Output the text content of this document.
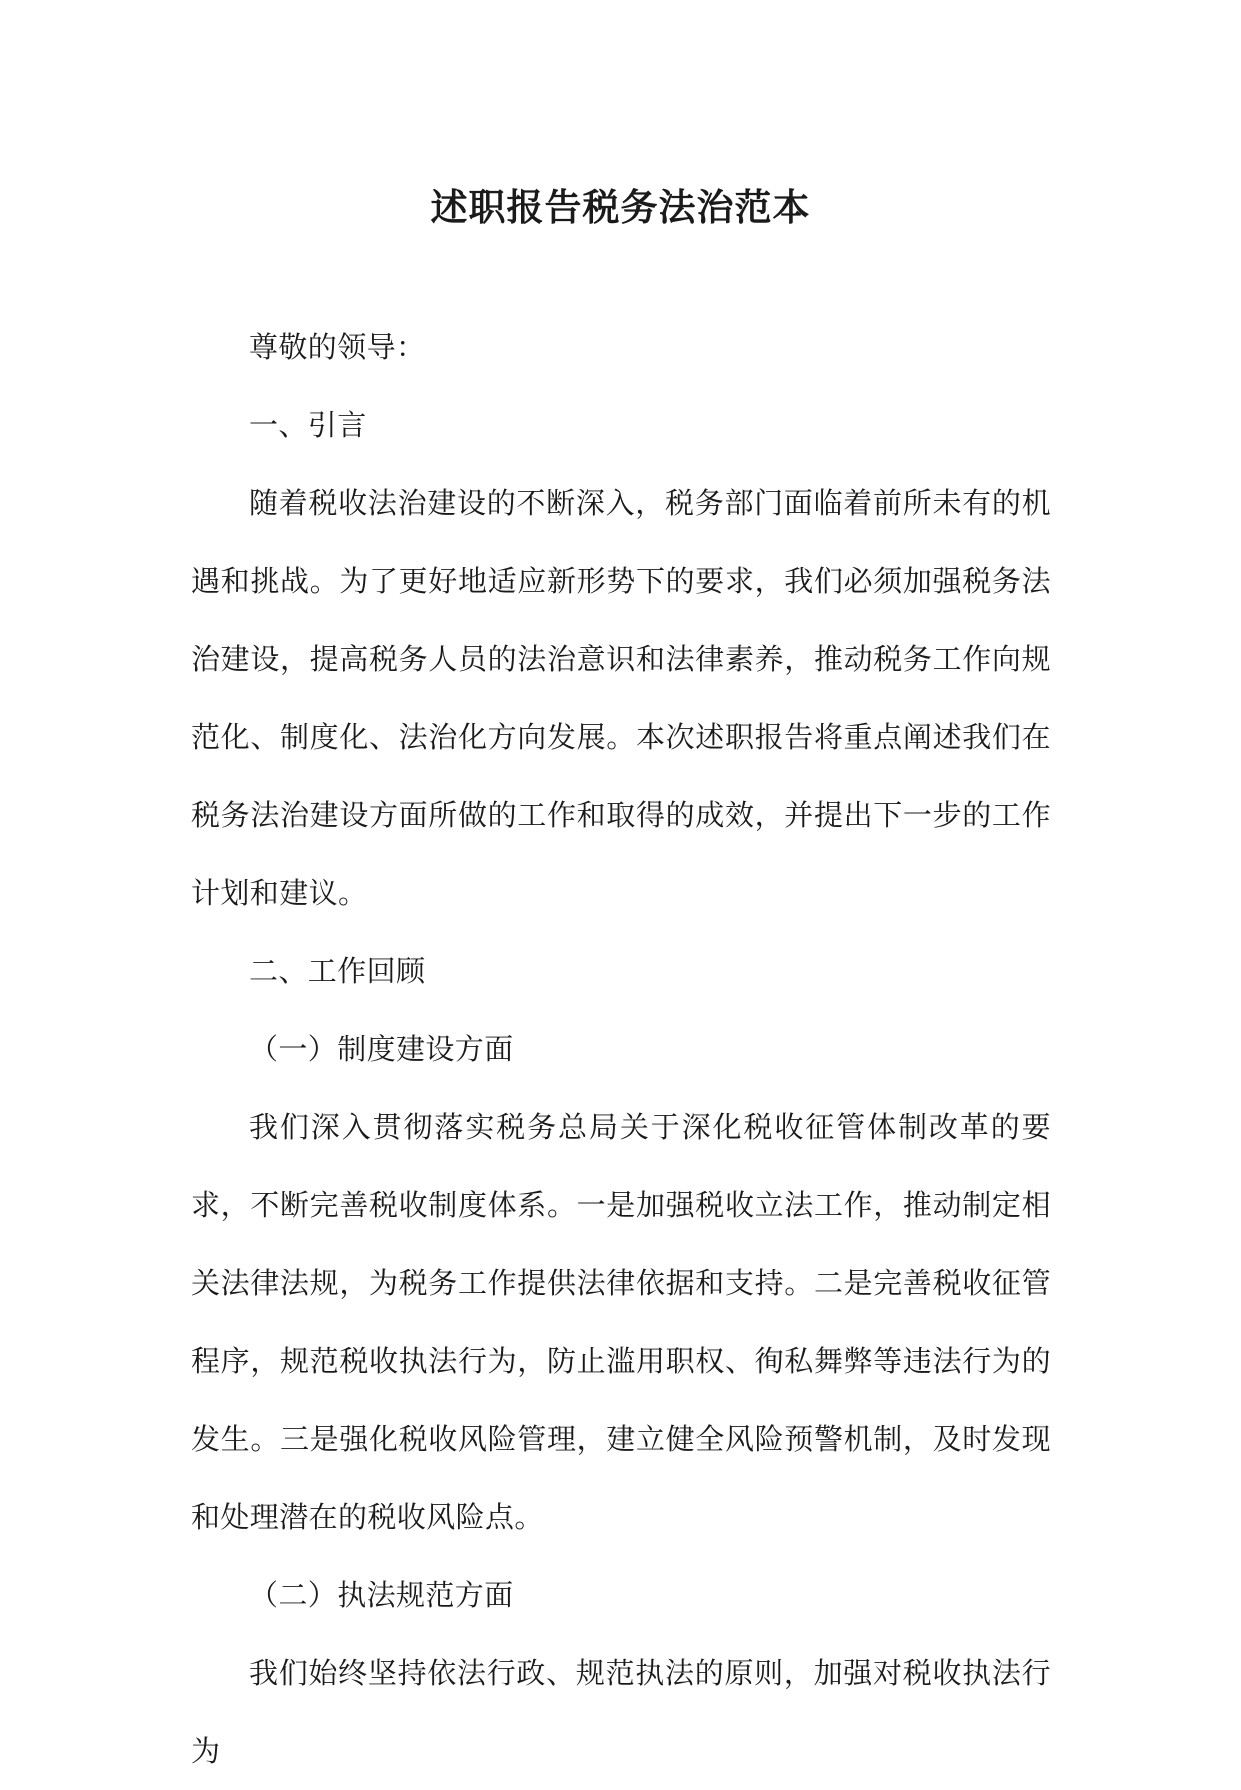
述职报告税务法治范本

尊敬的领导：

一、引言

随着税收法治建设的不断深入，税务部门面临着前所未有的机遇和挑战。为了更好地适应新形势下的要求，我们必须加强税务法治建设，提高税务人员的法治意识和法律素养，推动税务工作向规范化、制度化、法治化方向发展。本次述职报告将重点阐述我们在税务法治建设方面所做的工作和取得的成效，并提出下一步的工作计划和建议。

二、工作回顾

（一）制度建设方面

我们深入贯彻落实税务总局关于深化税收征管体制改革的要求，不断完善税收制度体系。一是加强税收立法工作，推动制定相关法律法规，为税务工作提供法律依据和支持。二是完善税收征管程序，规范税收执法行为，防止滥用职权、徇私舞弊等违法行为的发生。三是强化税收风险管理，建立健全风险预警机制，及时发现和处理潜在的税收风险点。

（二）执法规范方面

我们始终坚持依法行政、规范执法的原则，加强对税收执法行为
